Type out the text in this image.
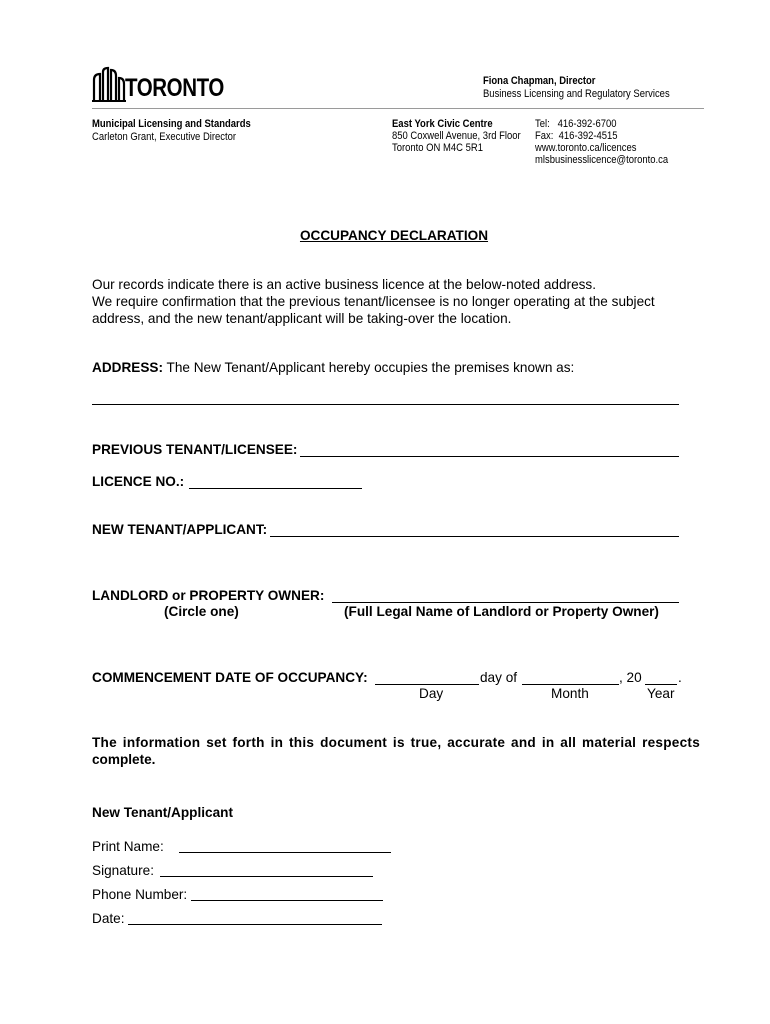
TORONTO	Fiona Chapman, Director
Business Licensing and Regulatory Services
Municipal Licensing and Standards
Carleton Grant, Executive Director
East York Civic Centre
850 Coxwell Avenue, 3rd Floor
Toronto ON M4C 5R1
Tel:   416-392-6700
Fax:  416-392-4515
www.toronto.ca/licences
mlsbusinesslicence@toronto.ca
OCCUPANCY DECLARATION
Our records indicate there is an active business licence at the below-noted address.
We require confirmation that the previous tenant/licensee is no longer operating at the subject
address, and the new tenant/applicant will be taking-over the location.
ADDRESS: The New Tenant/Applicant hereby occupies the premises known as:
PREVIOUS TENANT/LICENSEE:
LICENCE NO.:
NEW TENANT/APPLICANT:
LANDLORD or PROPERTY OWNER:
(Circle one)	(Full Legal Name of Landlord or Property Owner)
COMMENCEMENT DATE OF OCCUPANCY:	day of	, 20	.
Day	Month	Year
The information set forth in this document is true, accurate and in all material respects
complete.
New Tenant/Applicant
Print Name:
Signature:
Phone Number:
Date:
